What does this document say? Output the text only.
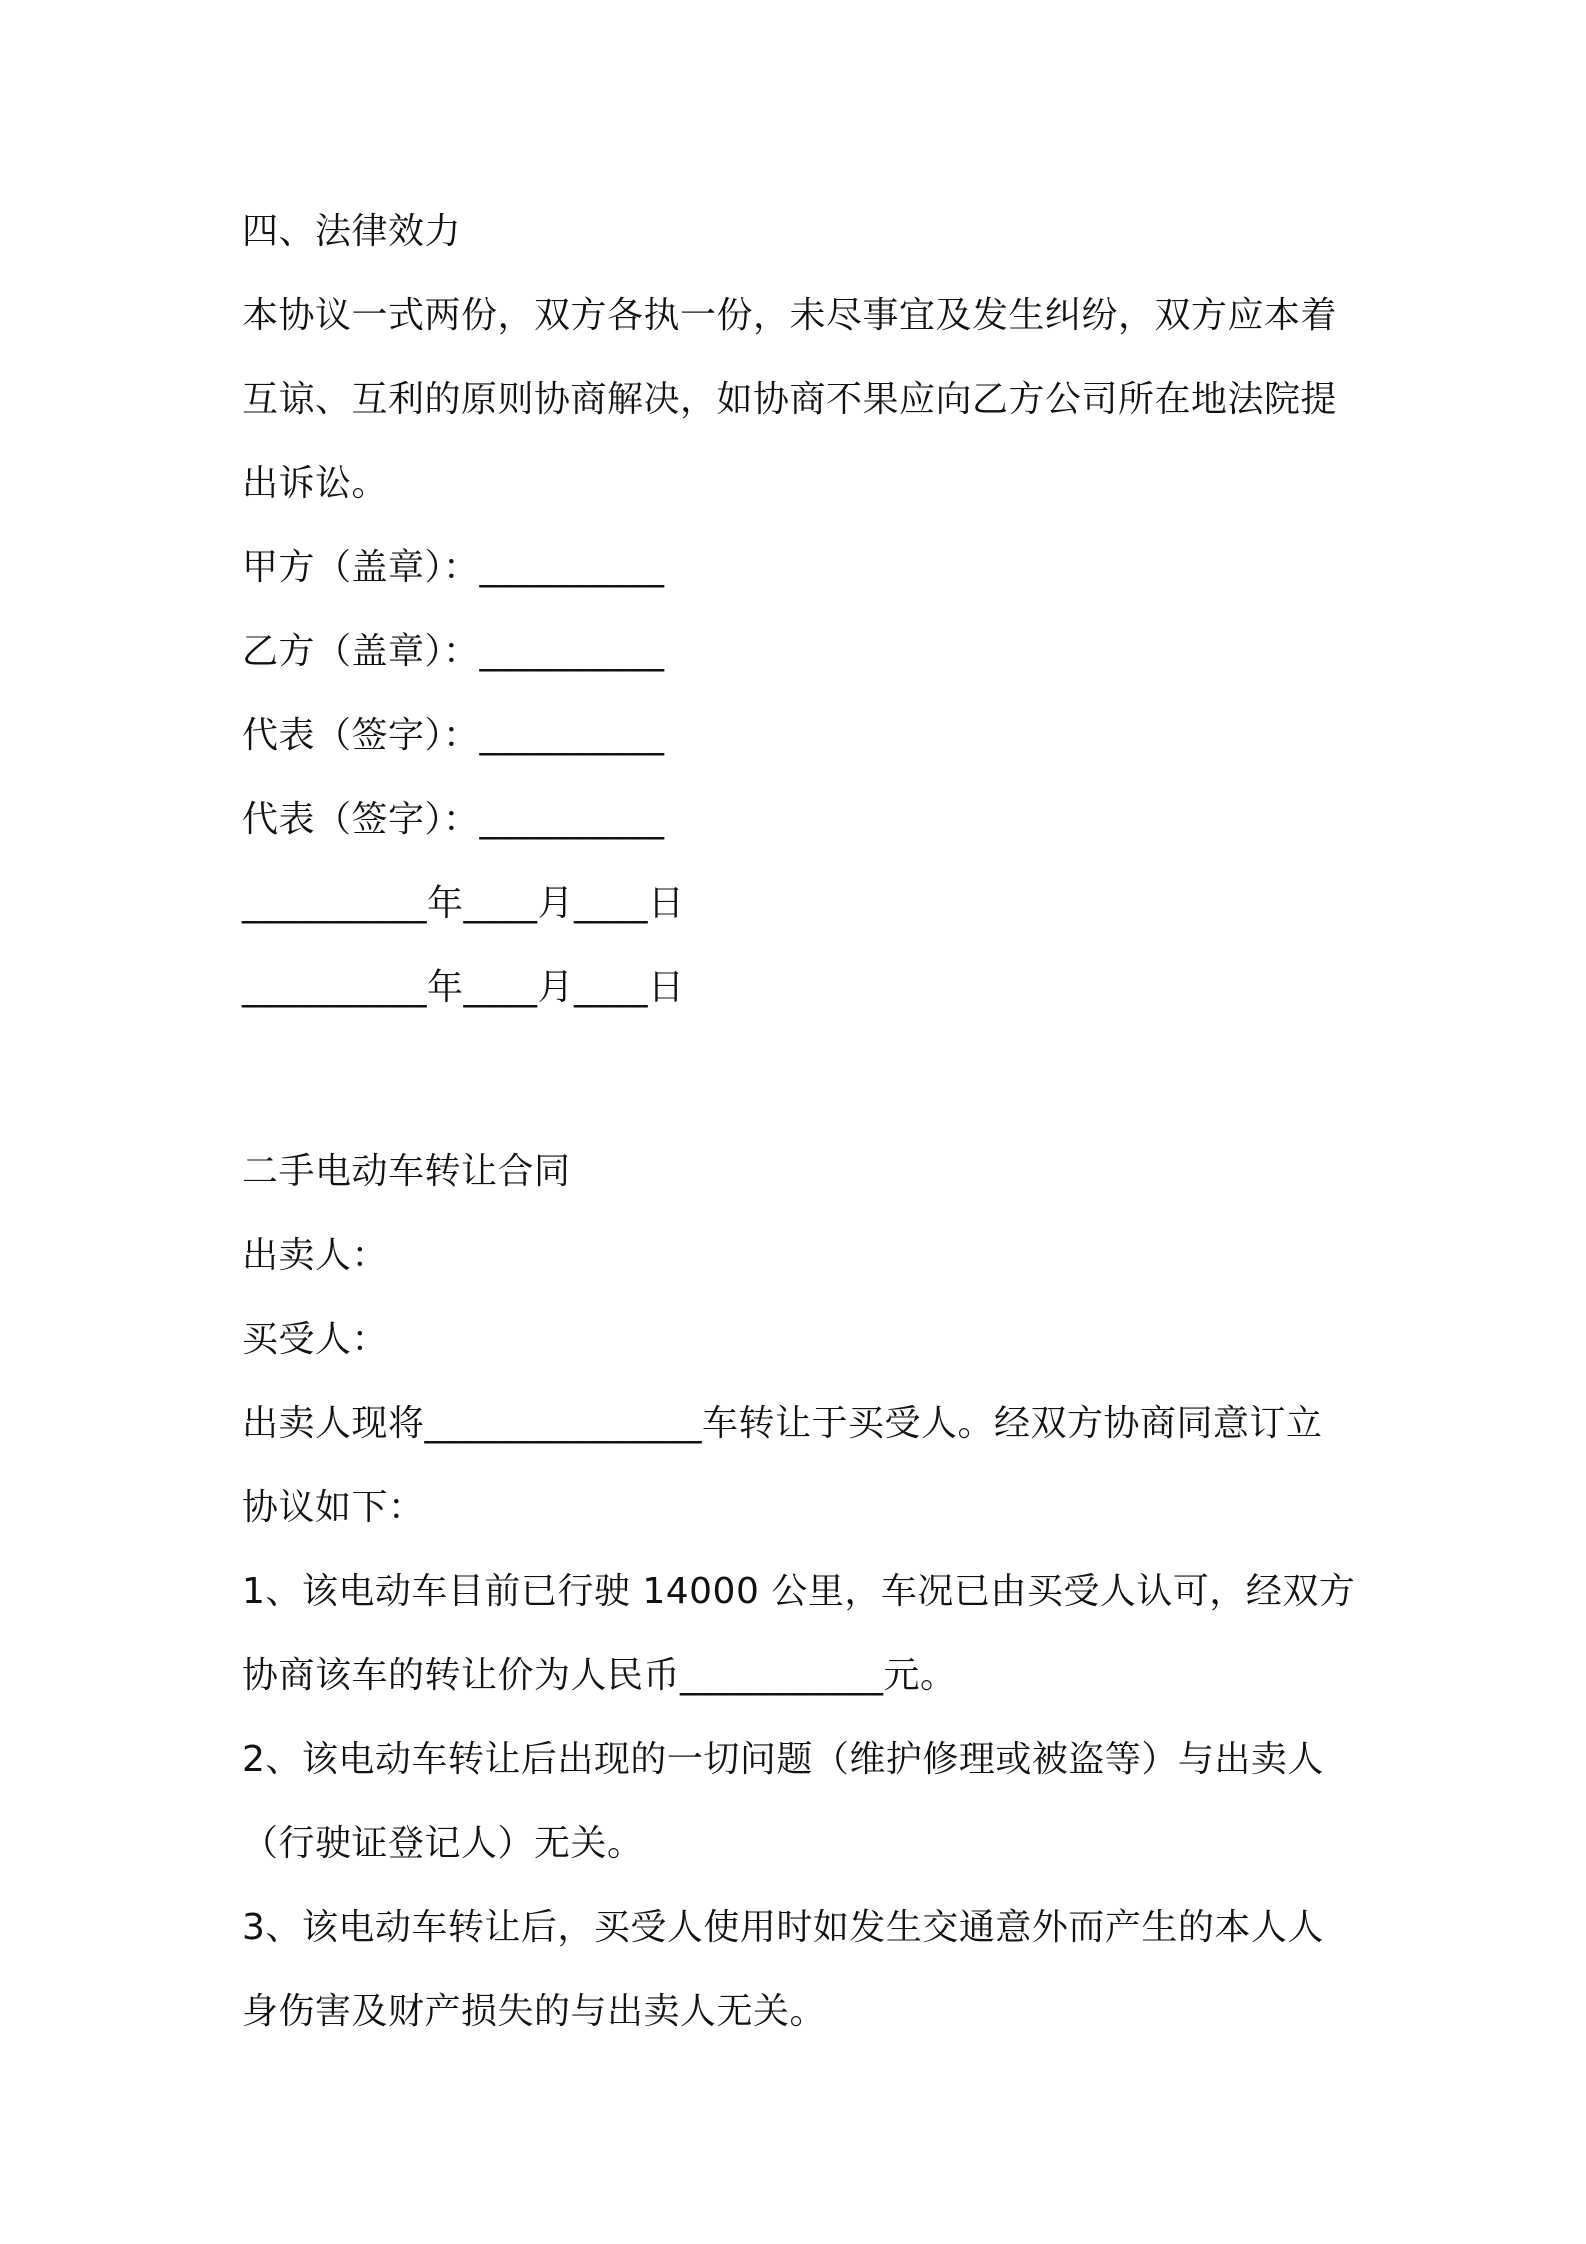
四、法律效力
本协议一式两份，双方各执一份，未尽事宜及发生纠纷，双方应本着
互谅、互利的原则协商解决，如协商不果应向乙方公司所在地法院提
出诉讼。
甲方（盖章）：__________
乙方（盖章）：__________
代表（签字）：__________
代表（签字）：__________
__________年____月____日
__________年____月____日
二手电动车转让合同
出卖人：
买受人：
出卖人现将_______________车转让于买受人。经双方协商同意订立
协议如下：
1、该电动车目前已行驶 14000 公里，车况已由买受人认可，经双方
协商该车的转让价为人民币___________元。
2、该电动车转让后出现的一切问题（维护修理或被盗等）与出卖人
（行驶证登记人）无关。
3、该电动车转让后，买受人使用时如发生交通意外而产生的本人人
身伤害及财产损失的与出卖人无关。
